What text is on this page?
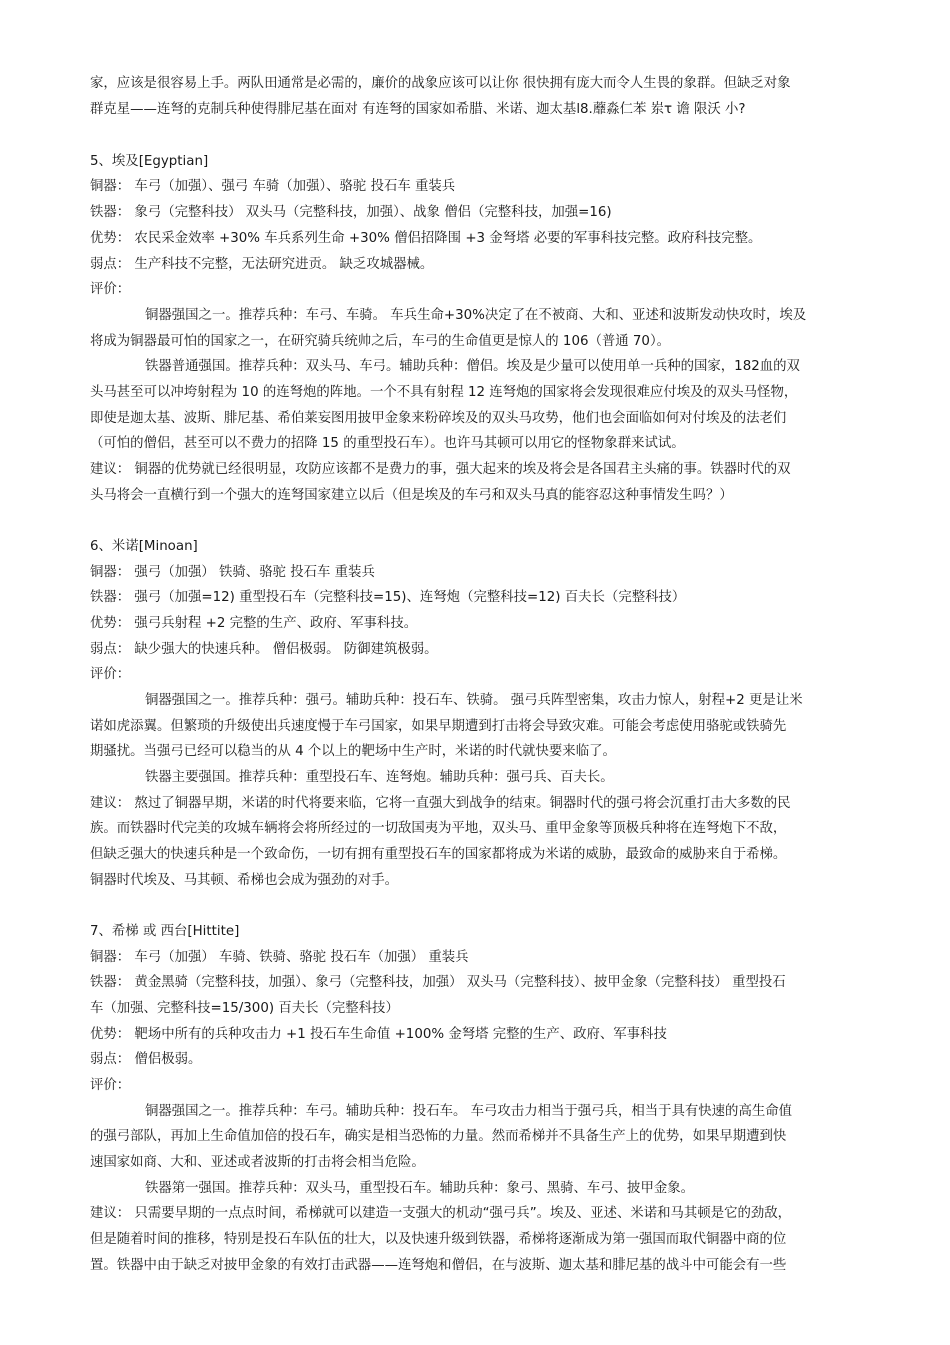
家，应该是很容易上手。两队田通常是必需的，廉价的战象应该可以让你 很快拥有庞大而令人生畏的象群。但缺乏对象
群克星——连弩的克制兵种使得腓尼基在面对 有连弩的国家如希腊、米诺、迦太基l8.蘼淼仁苯 岽τ 谵 限沃 小?
5、埃及[Egyptian]
铜器： 车弓（加强）、强弓 车骑（加强）、骆驼 投石车 重装兵
铁器： 象弓（完整科技） 双头马（完整科技，加强）、战象 僧侣（完整科技，加强=16)
优势： 农民采金效率 +30% 车兵系列生命 +30% 僧侣招降围 +3 金弩塔 必要的军事科技完整。政府科技完整。
弱点： 生产科技不完整，无法研究进贡。 缺乏攻城器械。
评价：
铜器强国之一。推荐兵种：车弓、车骑。 车兵生命+30%决定了在不被商、大和、亚述和波斯发动快攻时，埃及
将成为铜器最可怕的国家之一，在研究骑兵统帅之后，车弓的生命值更是惊人的 106（普通 70）。
铁器普通强国。推荐兵种：双头马、车弓。辅助兵种：僧侣。埃及是少量可以使用单一兵种的国家，182血的双
头马甚至可以冲垮射程为 10 的连弩炮的阵地。一个不具有射程 12 连弩炮的国家将会发现很难应付埃及的双头马怪物，
即使是迦太基、波斯、腓尼基、希伯莱妄图用披甲金象来粉碎埃及的双头马攻势，他们也会面临如何对付埃及的法老们
（可怕的僧侣，甚至可以不费力的招降 15 的重型投石车）。也许马其顿可以用它的怪物象群来试试。
建议： 铜器的优势就已经很明显，攻防应该都不是费力的事，强大起来的埃及将会是各国君主头痛的事。铁器时代的双
头马将会一直横行到一个强大的连弩国家建立以后（但是埃及的车弓和双头马真的能容忍这种事情发生吗？）
6、米诺[Minoan]
铜器： 强弓（加强） 铁骑、骆驼 投石车 重装兵
铁器： 强弓（加强=12) 重型投石车（完整科技=15)、连弩炮（完整科技=12) 百夫长（完整科技）
优势： 强弓兵射程 +2 完整的生产、政府、军事科技。
弱点： 缺少强大的快速兵种。 僧侣极弱。 防御建筑极弱。
评价：
铜器强国之一。推荐兵种：强弓。辅助兵种：投石车、铁骑。 强弓兵阵型密集，攻击力惊人，射程+2 更是让米
诺如虎添翼。但繁琐的升级使出兵速度慢于车弓国家，如果早期遭到打击将会导致灾难。可能会考虑使用骆驼或铁骑先
期骚扰。当强弓已经可以稳当的从 4 个以上的靶场中生产时，米诺的时代就快要来临了。
铁器主要强国。推荐兵种：重型投石车、连弩炮。辅助兵种：强弓兵、百夫长。
建议： 熬过了铜器早期，米诺的时代将要来临，它将一直强大到战争的结束。铜器时代的强弓将会沉重打击大多数的民
族。而铁器时代完美的攻城车辆将会将所经过的一切敌国夷为平地，双头马、重甲金象等顶极兵种将在连弩炮下不敌，
但缺乏强大的快速兵种是一个致命伤，一切有拥有重型投石车的国家都将成为米诺的威胁，最致命的威胁来自于希梯。
铜器时代埃及、马其顿、希梯也会成为强劲的对手。
7、希梯 或 西台[Hittite]
铜器： 车弓（加强） 车骑、铁骑、骆驼 投石车（加强） 重装兵
铁器： 黄金黑骑（完整科技，加强）、象弓（完整科技，加强） 双头马（完整科技）、披甲金象（完整科技） 重型投石
车（加强、完整科技=15/300) 百夫长（完整科技）
优势： 靶场中所有的兵种攻击力 +1 投石车生命值 +100% 金弩塔 完整的生产、政府、军事科技
弱点： 僧侣极弱。
评价：
铜器强国之一。推荐兵种：车弓。辅助兵种：投石车。 车弓攻击力相当于强弓兵，相当于具有快速的高生命值
的强弓部队，再加上生命值加倍的投石车，确实是相当恐怖的力量。然而希梯并不具备生产上的优势，如果早期遭到快
速国家如商、大和、亚述或者波斯的打击将会相当危险。
铁器第一强国。推荐兵种：双头马，重型投石车。辅助兵种：象弓、黑骑、车弓、披甲金象。
建议： 只需要早期的一点点时间，希梯就可以建造一支强大的机动“强弓兵”。埃及、亚述、米诺和马其顿是它的劲敌，
但是随着时间的推移，特别是投石车队伍的壮大，以及快速升级到铁器，希梯将逐渐成为第一强国而取代铜器中商的位
置。铁器中由于缺乏对披甲金象的有效打击武器——连弩炮和僧侣，在与波斯、迦太基和腓尼基的战斗中可能会有一些
